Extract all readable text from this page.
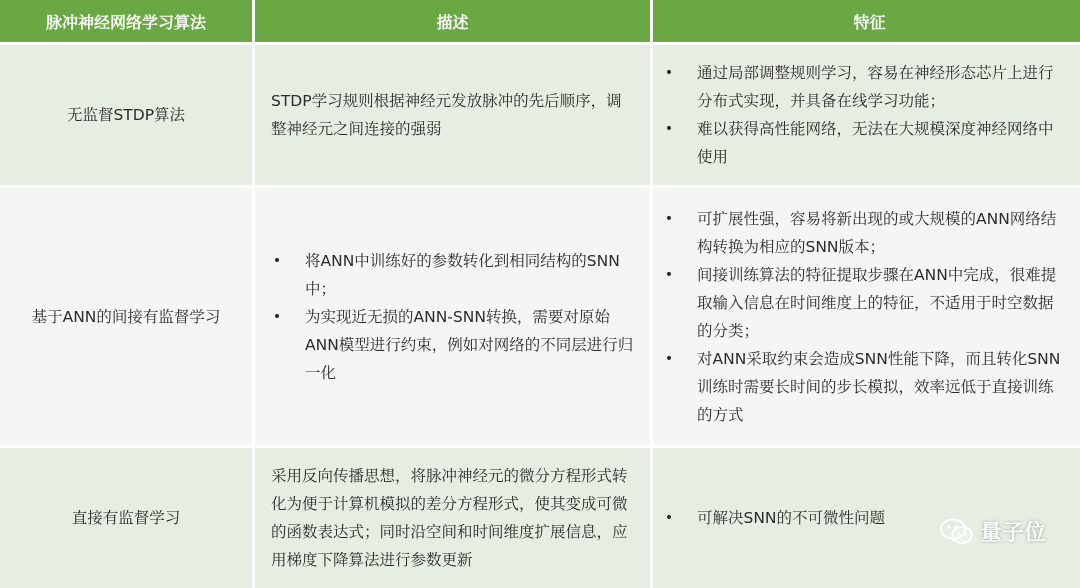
脉冲神经网络学习算法	描述	特征
无监督STDP算法
STDP学习规则根据神经元发放脉冲的先后顺序，调整神经元之间连接的强弱
• 通过局部调整规则学习，容易在神经形态芯片上进行分布式实现，并具备在线学习功能；
• 难以获得高性能网络，无法在大规模深度神经网络中使用
基于ANN的间接有监督学习
• 将ANN中训练好的参数转化到相同结构的SNN中；
• 为实现近无损的ANN-SNN转换，需要对原始ANN模型进行约束，例如对网络的不同层进行归一化
• 可扩展性强，容易将新出现的或大规模的ANN网络结构转换为相应的SNN版本；
• 间接训练算法的特征提取步骤在ANN中完成，很难提取输入信息在时间维度上的特征，不适用于时空数据的分类；
• 对ANN采取约束会造成SNN性能下降，而且转化SNN训练时需要长时间的步长模拟，效率远低于直接训练的方式
直接有监督学习
采用反向传播思想，将脉冲神经元的微分方程形式转化为便于计算机模拟的差分方程形式，使其变成可微的函数表达式；同时沿空间和时间维度扩展信息，应用梯度下降算法进行参数更新
• 可解决SNN的不可微性问题
量子位
